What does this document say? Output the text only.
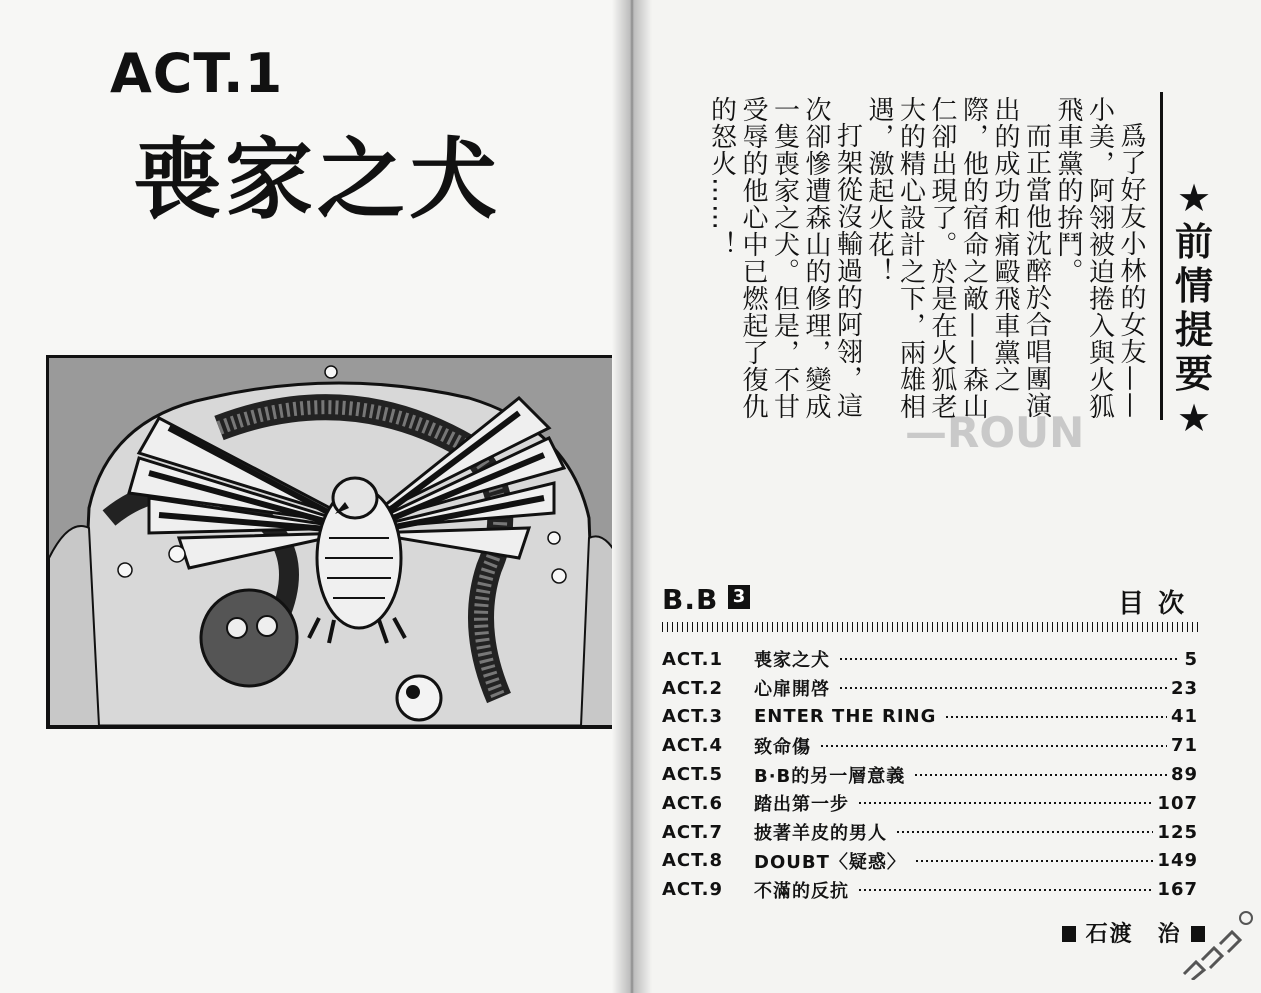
ACT.1
喪家之犬
—ROUN
★
前
情
提
要
★

爲了好友小林的女友——小美，阿翎被迫捲入與火狐飛車黨的拚鬥。

而正當他沈醉於合唱團演出的成功和痛毆飛車黨之際，他的宿命之敵——森山仁卻出現了。於是在火狐老大的精心設計之下，兩雄相遇，激起火花！

打架從沒輸過的阿翎，這次卻慘遭森山的修理，變成一隻喪家之犬。但是，不甘受辱的他心中已燃起了復仇的怒火……！

B.B 3	目次
ACT.1	喪家之犬	5
ACT.2	心扉開啓	23
ACT.3	ENTER THE RING	41
ACT.4	致命傷	71
ACT.5	B·B的另一層意義	89
ACT.6	踏出第一步	107
ACT.7	披著羊皮的男人	125
ACT.8	DOUBT〈疑惑〉	149
ACT.9	不滿的反抗	167
石渡　治
